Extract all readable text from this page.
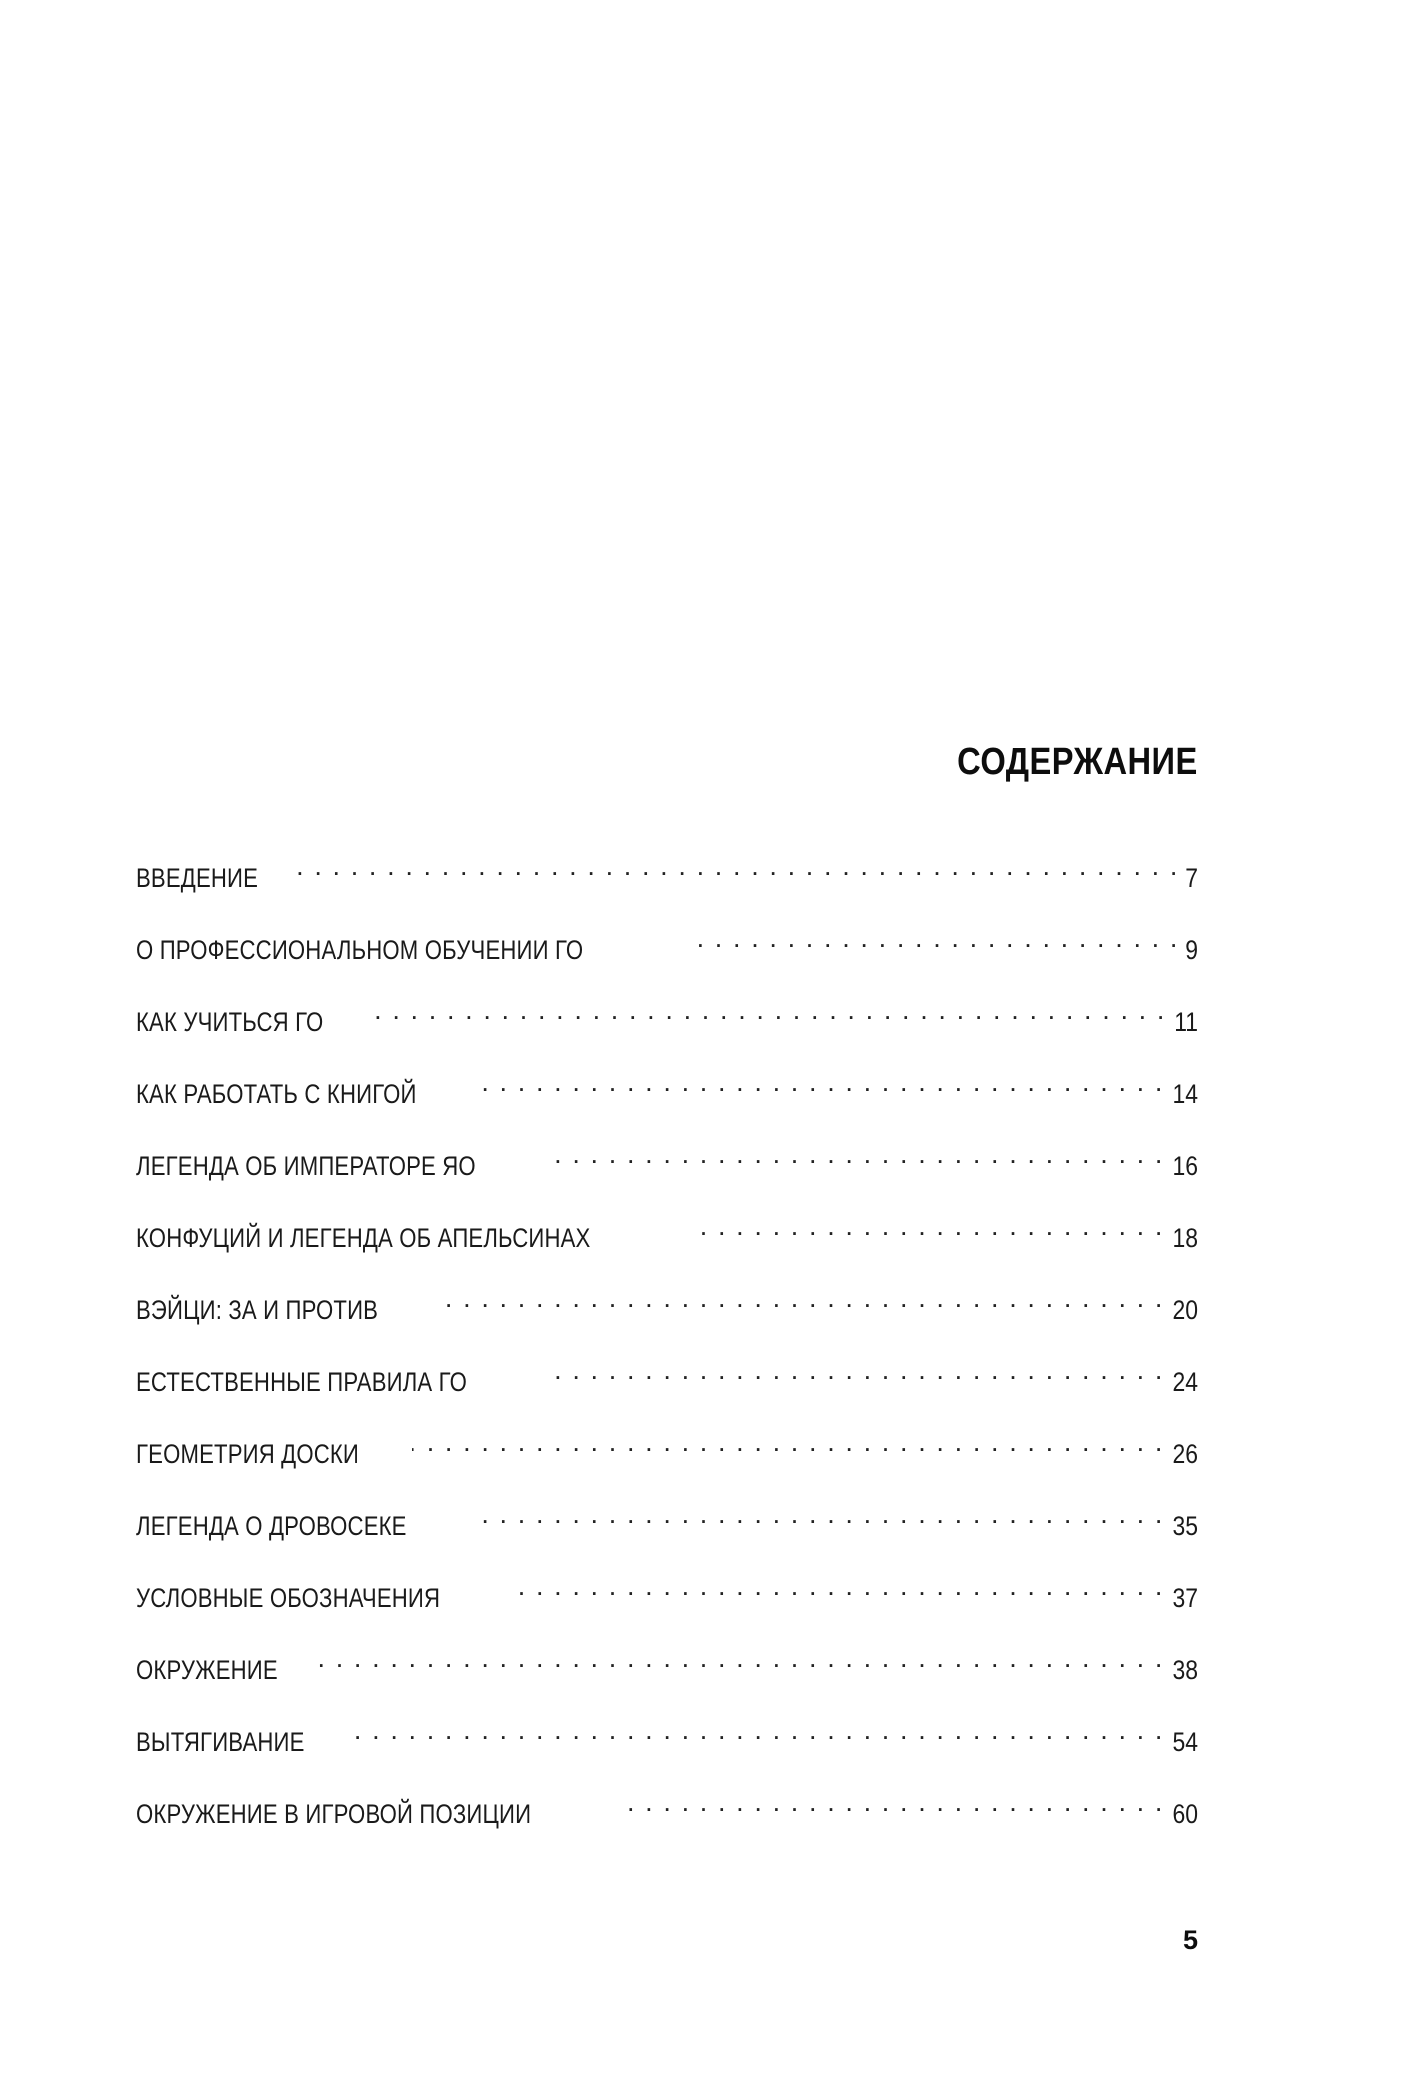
СОДЕРЖАНИЕ
ВВЕДЕНИЕ . . .	7
О ПРОФЕССИОНАЛЬНОМ ОБУЧЕНИИ ГО . . .	9
КАК УЧИТЬСЯ ГО . . .	11
КАК РАБОТАТЬ С КНИГОЙ . . .	14
ЛЕГЕНДА ОБ ИМПЕРАТОРЕ ЯО . . .	16
КОНФУЦИЙ И ЛЕГЕНДА ОБ АПЕЛЬСИНАХ . . .	18
ВЭЙЦИ: ЗА И ПРОТИВ . . .	20
ЕСТЕСТВЕННЫЕ ПРАВИЛА ГО . . .	24
ГЕОМЕТРИЯ ДОСКИ . . .	26
ЛЕГЕНДА О ДРОВОСЕКЕ . . .	35
УСЛОВНЫЕ ОБОЗНАЧЕНИЯ . . .	37
ОКРУЖЕНИЕ . . .	38
ВЫТЯГИВАНИЕ . . .	54
ОКРУЖЕНИЕ В ИГРОВОЙ ПОЗИЦИИ . . .	60
5
